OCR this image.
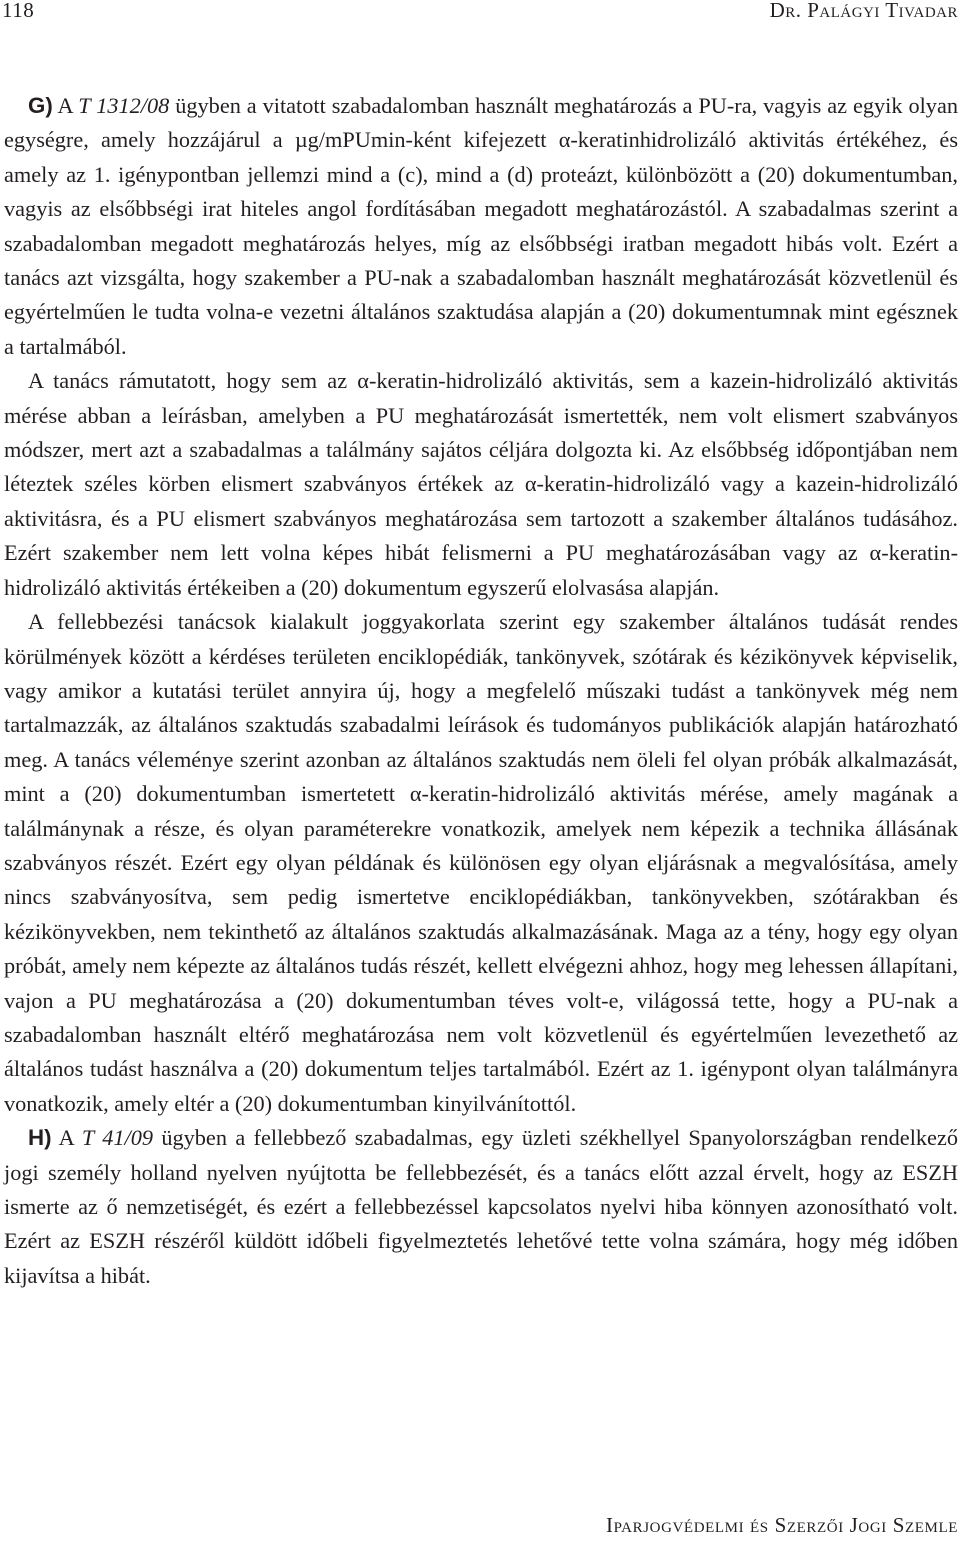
118	Dr. Palágyi Tivadar

G) A T 1312/08 ügyben a vitatott szabadalomban használt meghatározás a PU-ra, vagyis az egyik olyan egységre, amely hozzájárul a µg/mPUmin-ként kifejezett α-keratinhidrolizáló aktivitás értékéhez, és amely az 1. igénypontban jellemzi mind a (c), mind a (d) proteázt, különbözött a (20) dokumentumban, vagyis az elsőbbségi irat hiteles angol fordításában megadott meghatározástól. A szabadalmas szerint a szabadalomban megadott meghatározás helyes, míg az elsőbbségi iratban megadott hibás volt. Ezért a tanács azt vizsgálta, hogy szakember a PU-nak a szabadalomban használt meghatározását közvetlenül és egyértelműen le tudta volna-e vezetni általános szaktudása alapján a (20) dokumentumnak mint egésznek a tartalmából.

A tanács rámutatott, hogy sem az α-keratin-hidrolizáló aktivitás, sem a kazein-hidrolizáló aktivitás mérése abban a leírásban, amelyben a PU meghatározását ismertették, nem volt elismert szabványos módszer, mert azt a szabadalmas a találmány sajátos céljára dolgozta ki. Az elsőbbség időpontjában nem léteztek széles körben elismert szabványos értékek az α-keratin-hidrolizáló vagy a kazein-hidrolizáló aktivitásra, és a PU elismert szabványos meghatározása sem tartozott a szakember általános tudásához. Ezért szakember nem lett volna képes hibát felismerni a PU meghatározásában vagy az α-keratin-hidrolizáló aktivitás értékeiben a (20) dokumentum egyszerű elolvasása alapján.

A fellebbezési tanácsok kialakult joggyakorlata szerint egy szakember általános tudását rendes körülmények között a kérdéses területen enciklopédiák, tankönyvek, szótárak és kézikönyvek képviselik, vagy amikor a kutatási terület annyira új, hogy a megfelelő műszaki tudást a tankönyvek még nem tartalmazzák, az általános szaktudás szabadalmi leírások és tudományos publikációk alapján határozható meg. A tanács véleménye szerint azonban az általános szaktudás nem öleli fel olyan próbák alkalmazását, mint a (20) dokumentumban ismertetett α-keratin-hidrolizáló aktivitás mérése, amely magának a találmánynak a része, és olyan paraméterekre vonatkozik, amelyek nem képezik a technika állásának szabványos részét. Ezért egy olyan példának és különösen egy olyan eljárásnak a megvalósítása, amely nincs szabványosítva, sem pedig ismertetve enciklopédiákban, tankönyvekben, szótárakban és kézikönyvekben, nem tekinthető az általános szaktudás alkalmazásának. Maga az a tény, hogy egy olyan próbát, amely nem képezte az általános tudás részét, kellett elvégezni ahhoz, hogy meg lehessen állapítani, vajon a PU meghatározása a (20) dokumentumban téves volt-e, világossá tette, hogy a PU-nak a szabadalomban használt eltérő meghatározása nem volt közvetlenül és egyértelműen levezethető az általános tudást használva a (20) dokumentum teljes tartalmából. Ezért az 1. igénypont olyan találmányra vonatkozik, amely eltér a (20) dokumentumban kinyilvánítottól.

H) A T 41/09 ügyben a fellebbező szabadalmas, egy üzleti székhellyel Spanyolországban rendelkező jogi személy holland nyelven nyújtotta be fellebbezését, és a tanács előtt azzal érvelt, hogy az ESZH ismerte az ő nemzetiségét, és ezért a fellebbezéssel kapcsolatos nyelvi hiba könnyen azonosítható volt. Ezért az ESZH részéről küldött időbeli figyelmeztetés lehetővé tette volna számára, hogy még időben kijavítsa a hibát.

Iparjogvédelmi és Szerzői Jogi Szemle
